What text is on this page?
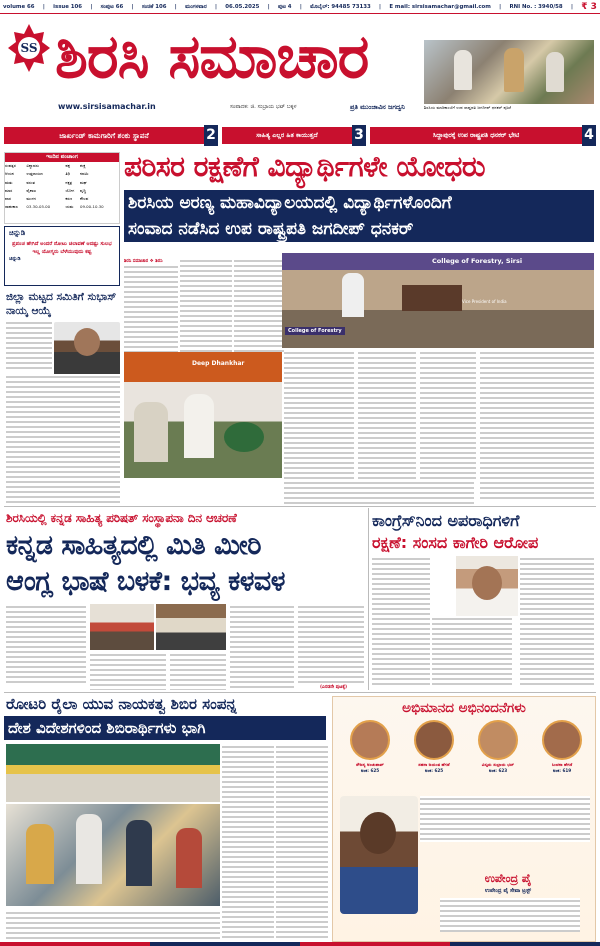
volume 66 | issue 106 | ಸಂಪುಟ 66 | ಸಂಚಿಕೆ 106 | ಮಂಗಳವಾರ | 06.05.2025 | ಪುಟ 4 | ಮೊಬೈಲ್: 94485 73133 | E mail: sirsisamachar@gmail.com | RNI No. : 3940/58 | ₹ 3
SS ಶಿರಸಿ ಸಮಾಚಾರ
www.sirsisamachar.in	ಸಂಪಾದಕ: ಜಿ. ಸುಬ್ರಾಯ ಭಟ್ ಬಕ್ಕಳ	ಪ್ರತಿ ಮುಂಜಾವಿನ ಜಗದ್ವನಿ	ಶಿರಸಿಯ ಮಾರಿಕಾಂಬೆಗೆ ಉಪ ರಾಷ್ಟ್ರಪತಿ ಜಗದೀಪ್ ಧನಕರ್ ಪೂಜೆ
ಜಾರ್ಖಂಡ್ ಕಾಮಗಾರಿಗೆ ಶಂಕು ಸ್ಥಾಪನೆ	2	ಸಾಹಿತ್ಯ ಎಲ್ಲರ ಹಿತ ಕಾಯುತ್ತದೆ	3	ಸಿದ್ದಾಪುರಕ್ಕೆ ಉಪ ರಾಷ್ಟ್ರಪತಿ ಧನಕರ್ ಭೇಟಿ	4
ಇಂದಿನ ಪಂಚಾಂಗ
ಸಂವತ್ಸರ	ವಿಶ್ವಾವಸು	ಪಕ್ಷ	ಶುಕ್ಲ
ಆಯನ	ಉತ್ತರಾಯಣ	ತಿಥಿ	ನವಮಿ
ಋತು	ವಸಂತ	ನಕ್ಷತ್ರ	ಮಘ
ಮಾಸ	ವೈಶಾಖ	ಯೋಗ	ವೃದ್ಧಿ
ವಾರ	ಮಂಗಳ	ಕರಣ	ಕೌಲವ
ರಾಹುಕಾಲ	03.30-05.00	ಯಮ	09.00-10.30
ಚಿನ್ನುಡಿ
ಪ್ರಪಂಚ ಹೇಗಿದೆ ಅಂದರೆ ನೋಟು ಚಲಾವಣೆ ಆದಷ್ಟು ಸುಲಭ ಇಲ್ಲ ಯೋಗ್ಯರು ಬೆಳೆಯುವುದು ಕಷ್ಟ
ಚಿನ್ನುಡಿ
ಜಿಲ್ಲಾ ಮಟ್ಟದ ಸಮಿತಿಗೆ ಸುಭಾಸ್ ನಾಯ್ಕ ಆಯ್ಕೆ
ಪರಿಸರ ರಕ್ಷಣೆಗೆ ವಿದ್ಯಾರ್ಥಿಗಳೇ ಯೋಧರು
ಶಿರಸಿಯ ಅರಣ್ಯ ಮಹಾವಿದ್ಯಾಲಯದಲ್ಲಿ ವಿದ್ಯಾರ್ಥಿಗಳೊಂದಿಗೆ
ಸಂವಾದ ನಡೆಸಿದ ಉಪ ರಾಷ್ಟ್ರಪತಿ ಜಗದೀಪ್ ಧನಕರ್
ಶಿರಸಿ ಸಮಾಚಾರ ❖ ಶಿರಸಿ	College of Forestry, Sirsi
College of Forestry
Vice President of India
Deep Dhankhar
ಶಿರಸಿಯಲ್ಲಿ ಕನ್ನಡ ಸಾಹಿತ್ಯ ಪರಿಷತ್ ಸಂಸ್ಥಾಪನಾ ದಿನ ಆಚರಣೆ
ಕನ್ನಡ ಸಾಹಿತ್ಯದಲ್ಲಿ ಮಿತಿ ಮೀರಿ
ಆಂಗ್ಲ ಭಾಷೆ ಬಳಕೆ: ಭವ್ಯ ಕಳವಳ
(ಎರಡನೇ ಪುಟಕ್ಕೆ)
ಕಾಂಗ್ರೆಸ್‌ನಿಂದ ಅಪರಾಧಿಗಳಿಗೆ
ರಕ್ಷಣೆ: ಸಂಸದ ಕಾಗೇರಿ ಆರೋಪ
ರೋಟರಿ ರೈಲಾ ಯುವ ನಾಯಕತ್ವ ಶಿಬಿರ ಸಂಪನ್ನ
ದೇಶ ವಿದೇಶಗಳಿಂದ ಶಿಬಿರಾರ್ಥಿಗಳು ಭಾಗಿ
ಅಭಿಮಾನದ ಅಭಿನಂದನೆಗಳು
ಸೌಜನ್ಯ ಅಂಚುಪಾಟ್
ಅಂಕ: 625
ಸಹನಾ ಜಯಂತ ಹೆಗಡೆ
ಅಂಕ: 625
ವಿಸ್ಮಯ ಸುಬ್ರಾಯ ಭಟ್
ಅಂಕ: 623
ಸಿಂಚನಾ ಹೆಗಡೆ
ಅಂಕ: 619
ಉಪೇಂದ್ರ ಪೈ
ಉಪೇಂದ್ರ ಪೈ ಸೇವಾ ಟ್ರಸ್ಟ್
